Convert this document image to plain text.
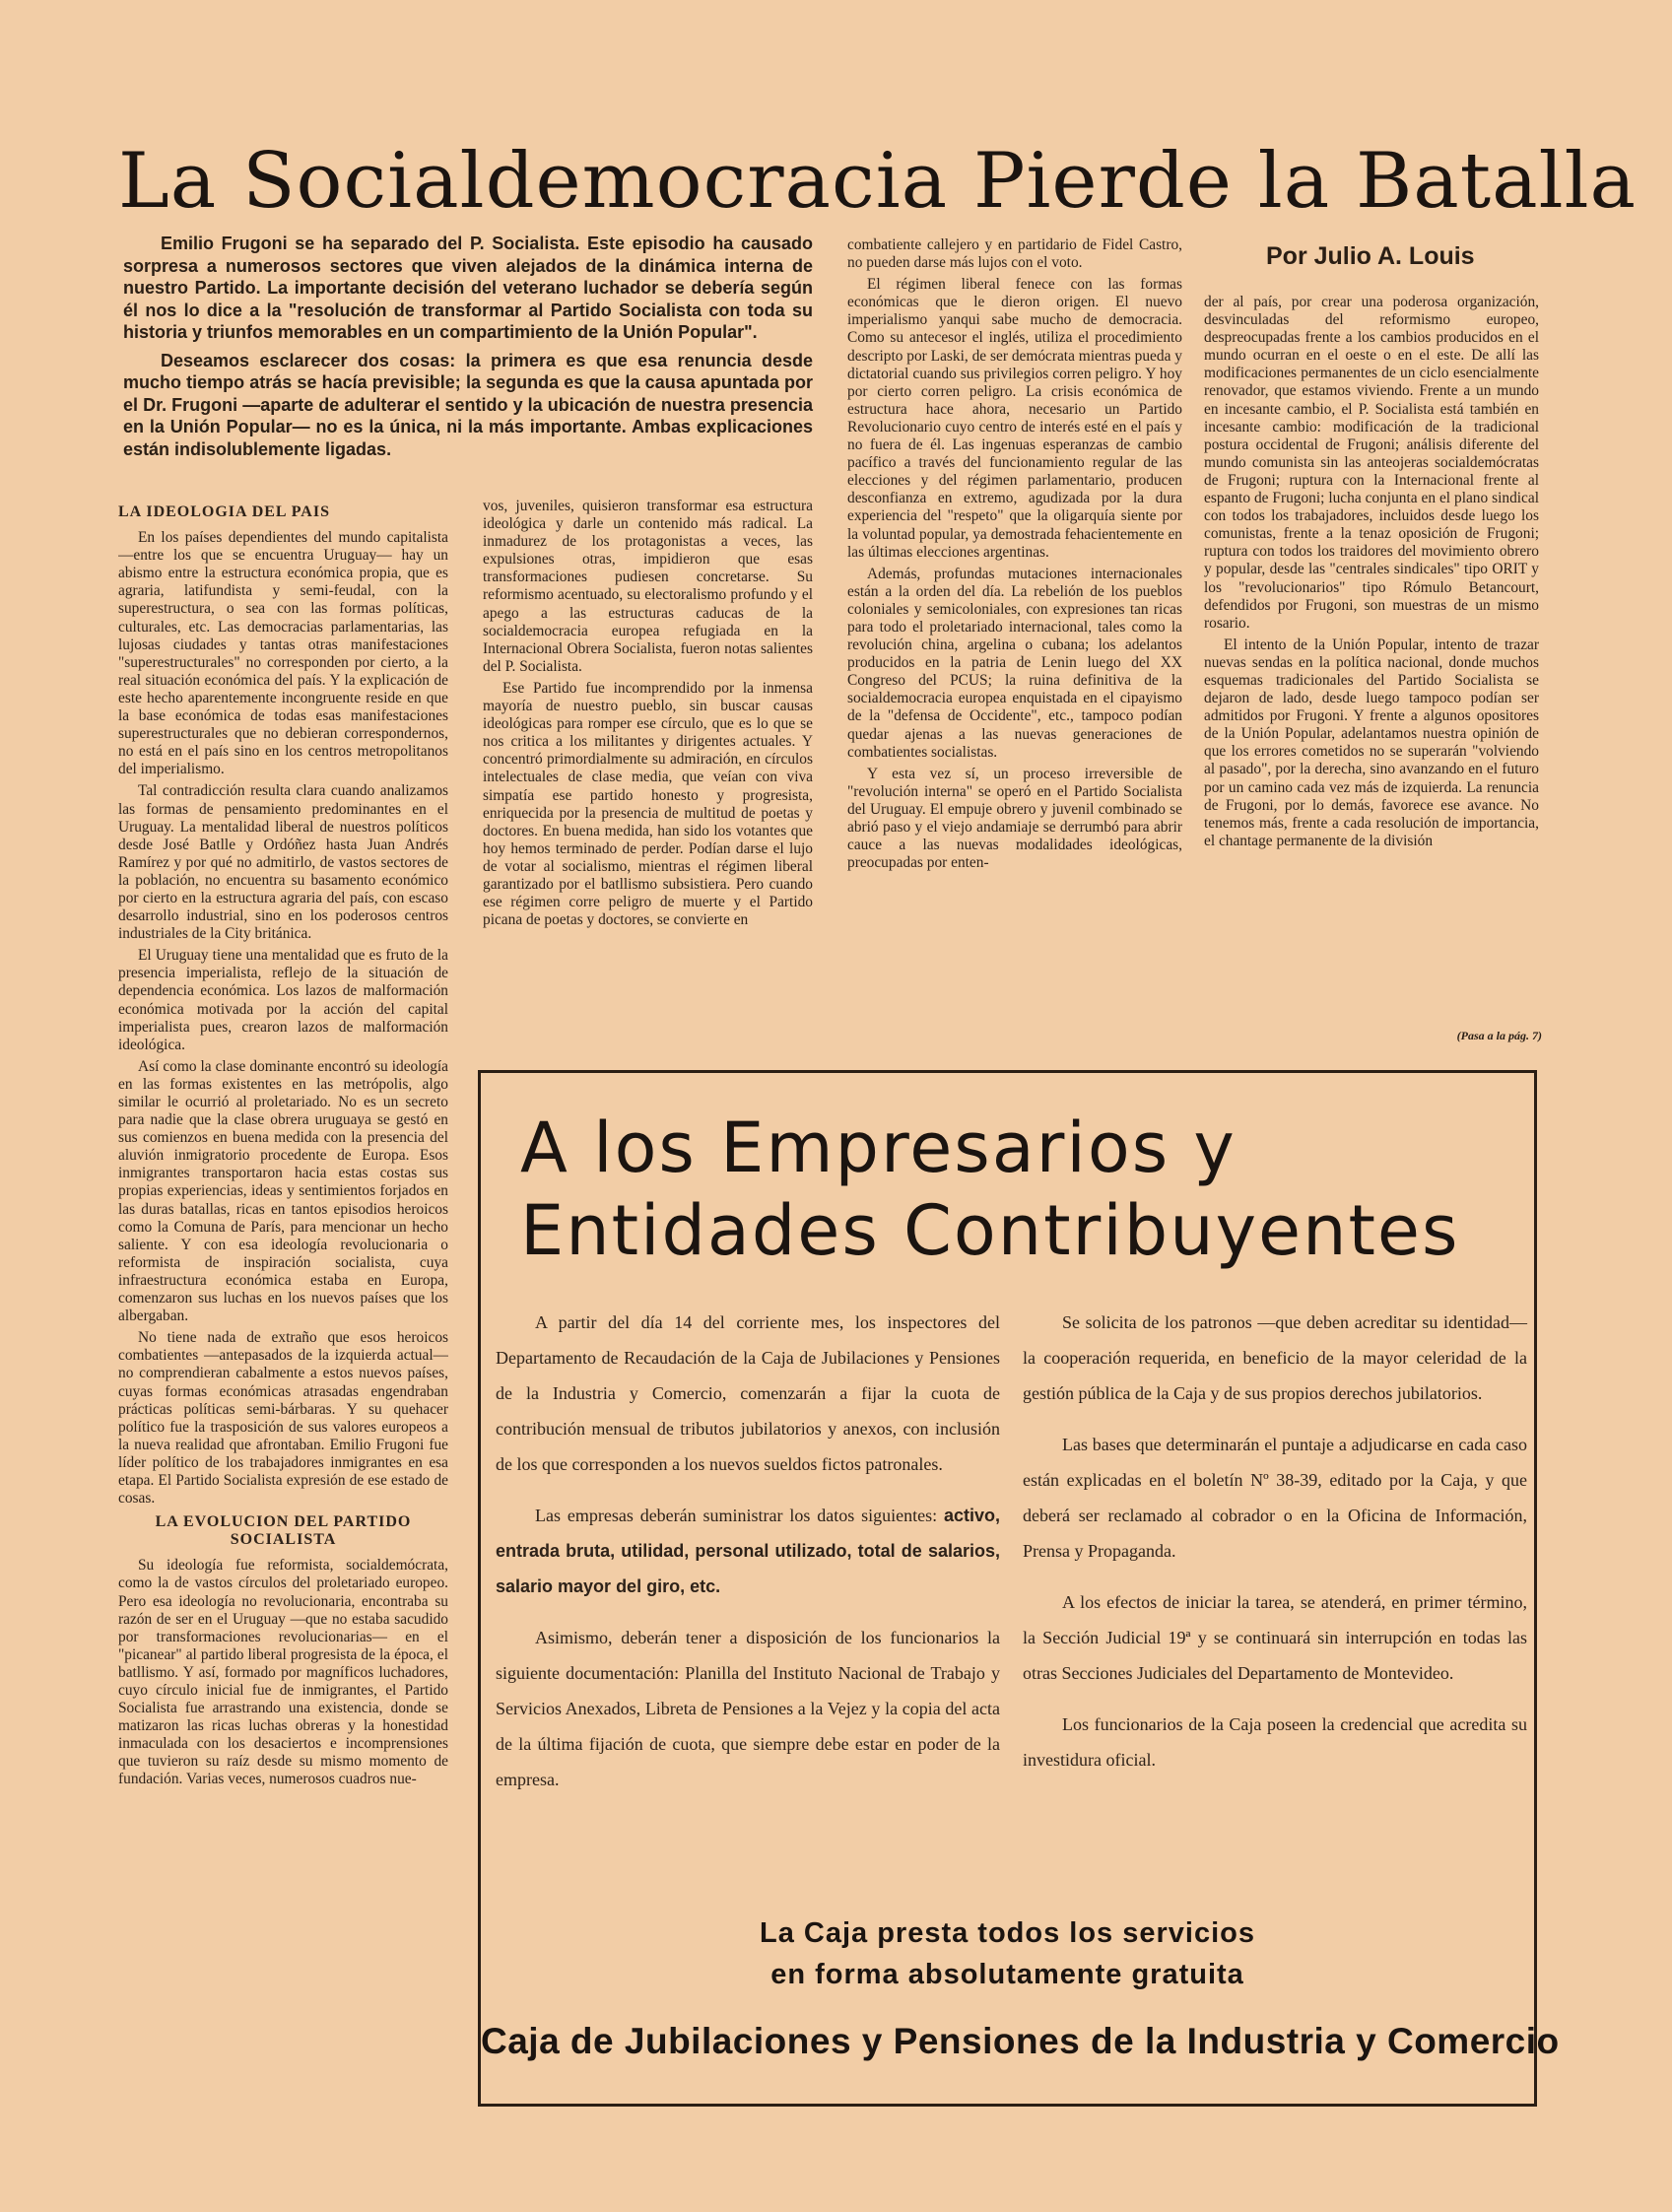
La Socialdemocracia Pierde la Batalla
Por Julio A. Louis

Emilio Frugoni se ha separado del P. Socialista. Este episodio ha causado sorpresa a numerosos sectores que viven alejados de la dinámica interna de nuestro Partido. La importante decisión del veterano luchador se debería según él nos lo dice a la "resolución de transformar al Partido Socialista con toda su historia y triunfos memorables en un compartimiento de la Unión Popular".

Deseamos esclarecer dos cosas: la primera es que esa renuncia desde mucho tiempo atrás se hacía previsible; la segunda es que la causa apuntada por el Dr. Frugoni —aparte de adulterar el sentido y la ubicación de nuestra presencia en la Unión Popular— no es la única, ni la más importante. Ambas explicaciones están indisolublemente ligadas.

LA IDEOLOGIA DEL PAIS

En los países dependientes del mundo capitalista —entre los que se encuentra Uruguay— hay un abismo entre la estructura económica propia, que es agraria, latifundista y semi-feudal, con la superestructura, o sea con las formas políticas, culturales, etc. Las democracias parlamentarias, las lujosas ciudades y tantas otras manifestaciones "superestructurales" no corresponden por cierto, a la real situación económica del país. Y la explicación de este hecho aparentemente incongruente reside en que la base económica de todas esas manifestaciones superestructurales que no debieran correspondernos, no está en el país sino en los centros metropolitanos del imperialismo.

Tal contradicción resulta clara cuando analizamos las formas de pensamiento predominantes en el Uruguay. La mentalidad liberal de nuestros políticos desde José Batlle y Ordóñez hasta Juan Andrés Ramírez y por qué no admitirlo, de vastos sectores de la población, no encuentra su basamento económico por cierto en la estructura agraria del país, con escaso desarrollo industrial, sino en los poderosos centros industriales de la City británica.

El Uruguay tiene una mentalidad que es fruto de la presencia imperialista, reflejo de la situación de dependencia económica. Los lazos de malformación económica motivada por la acción del capital imperialista pues, crearon lazos de malformación ideológica.

Así como la clase dominante encontró su ideología en las formas existentes en las metrópolis, algo similar le ocurrió al proletariado. No es un secreto para nadie que la clase obrera uruguaya se gestó en sus comienzos en buena medida con la presencia del aluvión inmigratorio procedente de Europa. Esos inmigrantes transportaron hacia estas costas sus propias experiencias, ideas y sentimientos forjados en las duras batallas, ricas en tantos episodios heroicos como la Comuna de París, para mencionar un hecho saliente. Y con esa ideología revolucionaria o reformista de inspiración socialista, cuya infraestructura económica estaba en Europa, comenzaron sus luchas en los nuevos países que los albergaban.

No tiene nada de extraño que esos heroicos combatientes —antepasados de la izquierda actual— no comprendieran cabalmente a estos nuevos países, cuyas formas económicas atrasadas engendraban prácticas políticas semi-bárbaras. Y su quehacer político fue la trasposición de sus valores europeos a la nueva realidad que afrontaban. Emilio Frugoni fue líder político de los trabajadores inmigrantes en esa etapa. El Partido Socialista expresión de ese estado de cosas.

LA EVOLUCION DEL PARTIDO SOCIALISTA

Su ideología fue reformista, socialdemócrata, como la de vastos círculos del proletariado europeo. Pero esa ideología no revolucionaria, encontraba su razón de ser en el Uruguay —que no estaba sacudido por transformaciones revolucionarias— en el "picanear" al partido liberal progresista de la época, el batllismo. Y así, formado por magníficos luchadores, cuyo círculo inicial fue de inmigrantes, el Partido Socialista fue arrastrando una existencia, donde se matizaron las ricas luchas obreras y la honestidad inmaculada con los desaciertos e incomprensiones que tuvieron su raíz desde su mismo momento de fundación. Varias veces, numerosos cuadros nue-

vos, juveniles, quisieron transformar esa estructura ideológica y darle un contenido más radical. La inmadurez de los protagonistas a veces, las expulsiones otras, impidieron que esas transformaciones pudiesen concretarse. Su reformismo acentuado, su electoralismo profundo y el apego a las estructuras caducas de la socialdemocracia europea refugiada en la Internacional Obrera Socialista, fueron notas salientes del P. Socialista.

Ese Partido fue incomprendido por la inmensa mayoría de nuestro pueblo, sin buscar causas ideológicas para romper ese círculo, que es lo que se nos critica a los militantes y dirigentes actuales. Y concentró primordialmente su admiración, en círculos intelectuales de clase media, que veían con viva simpatía ese partido honesto y progresista, enriquecida por la presencia de multitud de poetas y doctores. En buena medida, han sido los votantes que hoy hemos terminado de perder. Podían darse el lujo de votar al socialismo, mientras el régimen liberal garantizado por el batllismo subsistiera. Pero cuando ese régimen corre peligro de muerte y el Partido picana de poetas y doctores, se convierte en

combatiente callejero y en partidario de Fidel Castro, no pueden darse más lujos con el voto.

El régimen liberal fenece con las formas económicas que le dieron origen. El nuevo imperialismo yanqui sabe mucho de democracia. Como su antecesor el inglés, utiliza el procedimiento descripto por Laski, de ser demócrata mientras pueda y dictatorial cuando sus privilegios corren peligro. Y hoy por cierto corren peligro. La crisis económica de estructura hace ahora, necesario un Partido Revolucionario cuyo centro de interés esté en el país y no fuera de él. Las ingenuas esperanzas de cambio pacífico a través del funcionamiento regular de las elecciones y del régimen parlamentario, producen desconfianza en extremo, agudizada por la dura experiencia del "respeto" que la oligarquía siente por la voluntad popular, ya demostrada fehacientemente en las últimas elecciones argentinas.

Además, profundas mutaciones internacionales están a la orden del día. La rebelión de los pueblos coloniales y semicoloniales, con expresiones tan ricas para todo el proletariado internacional, tales como la revolución china, argelina o cubana; los adelantos producidos en la patria de Lenin luego del XX Congreso del PCUS; la ruina definitiva de la socialdemocracia europea enquistada en el cipayismo de la "defensa de Occidente", etc., tampoco podían quedar ajenas a las nuevas generaciones de combatientes socialistas.

Y esta vez sí, un proceso irreversible de "revolución interna" se operó en el Partido Socialista del Uruguay. El empuje obrero y juvenil combinado se abrió paso y el viejo andamiaje se derrumbó para abrir cauce a las nuevas modalidades ideológicas, preocupadas por enten-

der al país, por crear una poderosa organización, desvinculadas del reformismo europeo, despreocupadas frente a los cambios producidos en el mundo ocurran en el oeste o en el este. De allí las modificaciones permanentes de un ciclo esencialmente renovador, que estamos viviendo. Frente a un mundo en incesante cambio, el P. Socialista está también en incesante cambio: modificación de la tradicional postura occidental de Frugoni; análisis diferente del mundo comunista sin las anteojeras socialdemócratas de Frugoni; ruptura con la Internacional frente al espanto de Frugoni; lucha conjunta en el plano sindical con todos los trabajadores, incluidos desde luego los comunistas, frente a la tenaz oposición de Frugoni; ruptura con todos los traidores del movimiento obrero y popular, desde las "centrales sindicales" tipo ORIT y los "revolucionarios" tipo Rómulo Betancourt, defendidos por Frugoni, son muestras de un mismo rosario.

El intento de la Unión Popular, intento de trazar nuevas sendas en la política nacional, donde muchos esquemas tradicionales del Partido Socialista se dejaron de lado, desde luego tampoco podían ser admitidos por Frugoni. Y frente a algunos opositores de la Unión Popular, adelantamos nuestra opinión de que los errores cometidos no se superarán "volviendo al pasado", por la derecha, sino avanzando en el futuro por un camino cada vez más de izquierda. La renuncia de Frugoni, por lo demás, favorece ese avance. No tenemos más, frente a cada resolución de importancia, el chantage permanente de la división

(Pasa a la pág. 7)
A los Empresarios y
Entidades Contribuyentes

A partir del día 14 del corriente mes, los inspectores del Departamento de Recaudación de la Caja de Jubilaciones y Pensiones de la Industria y Comercio, comenzarán a fijar la cuota de contribución mensual de tributos jubilatorios y anexos, con inclusión de los que corresponden a los nuevos sueldos fictos patronales.

Las empresas deberán suministrar los datos siguientes: activo, entrada bruta, utilidad, personal utilizado, total de salarios, salario mayor del giro, etc.

Asimismo, deberán tener a disposición de los funcionarios la siguiente documentación: Planilla del Instituto Nacional de Trabajo y Servicios Anexados, Libreta de Pensiones a la Vejez y la copia del acta de la última fijación de cuota, que siempre debe estar en poder de la empresa.

Se solicita de los patronos —que deben acreditar su identidad— la cooperación requerida, en beneficio de la mayor celeridad de la gestión pública de la Caja y de sus propios derechos jubilatorios.

Las bases que determinarán el puntaje a adjudicarse en cada caso están explicadas en el boletín Nº 38-39, editado por la Caja, y que deberá ser reclamado al cobrador o en la Oficina de Información, Prensa y Propaganda.

A los efectos de iniciar la tarea, se atenderá, en primer término, la Sección Judicial 19ª y se continuará sin interrupción en todas las otras Secciones Judiciales del Departamento de Montevideo.

Los funcionarios de la Caja poseen la credencial que acredita su investidura oficial.

La Caja presta todos los servicios
en forma absolutamente gratuita
Caja de Jubilaciones y Pensiones de la Industria y Comercio
